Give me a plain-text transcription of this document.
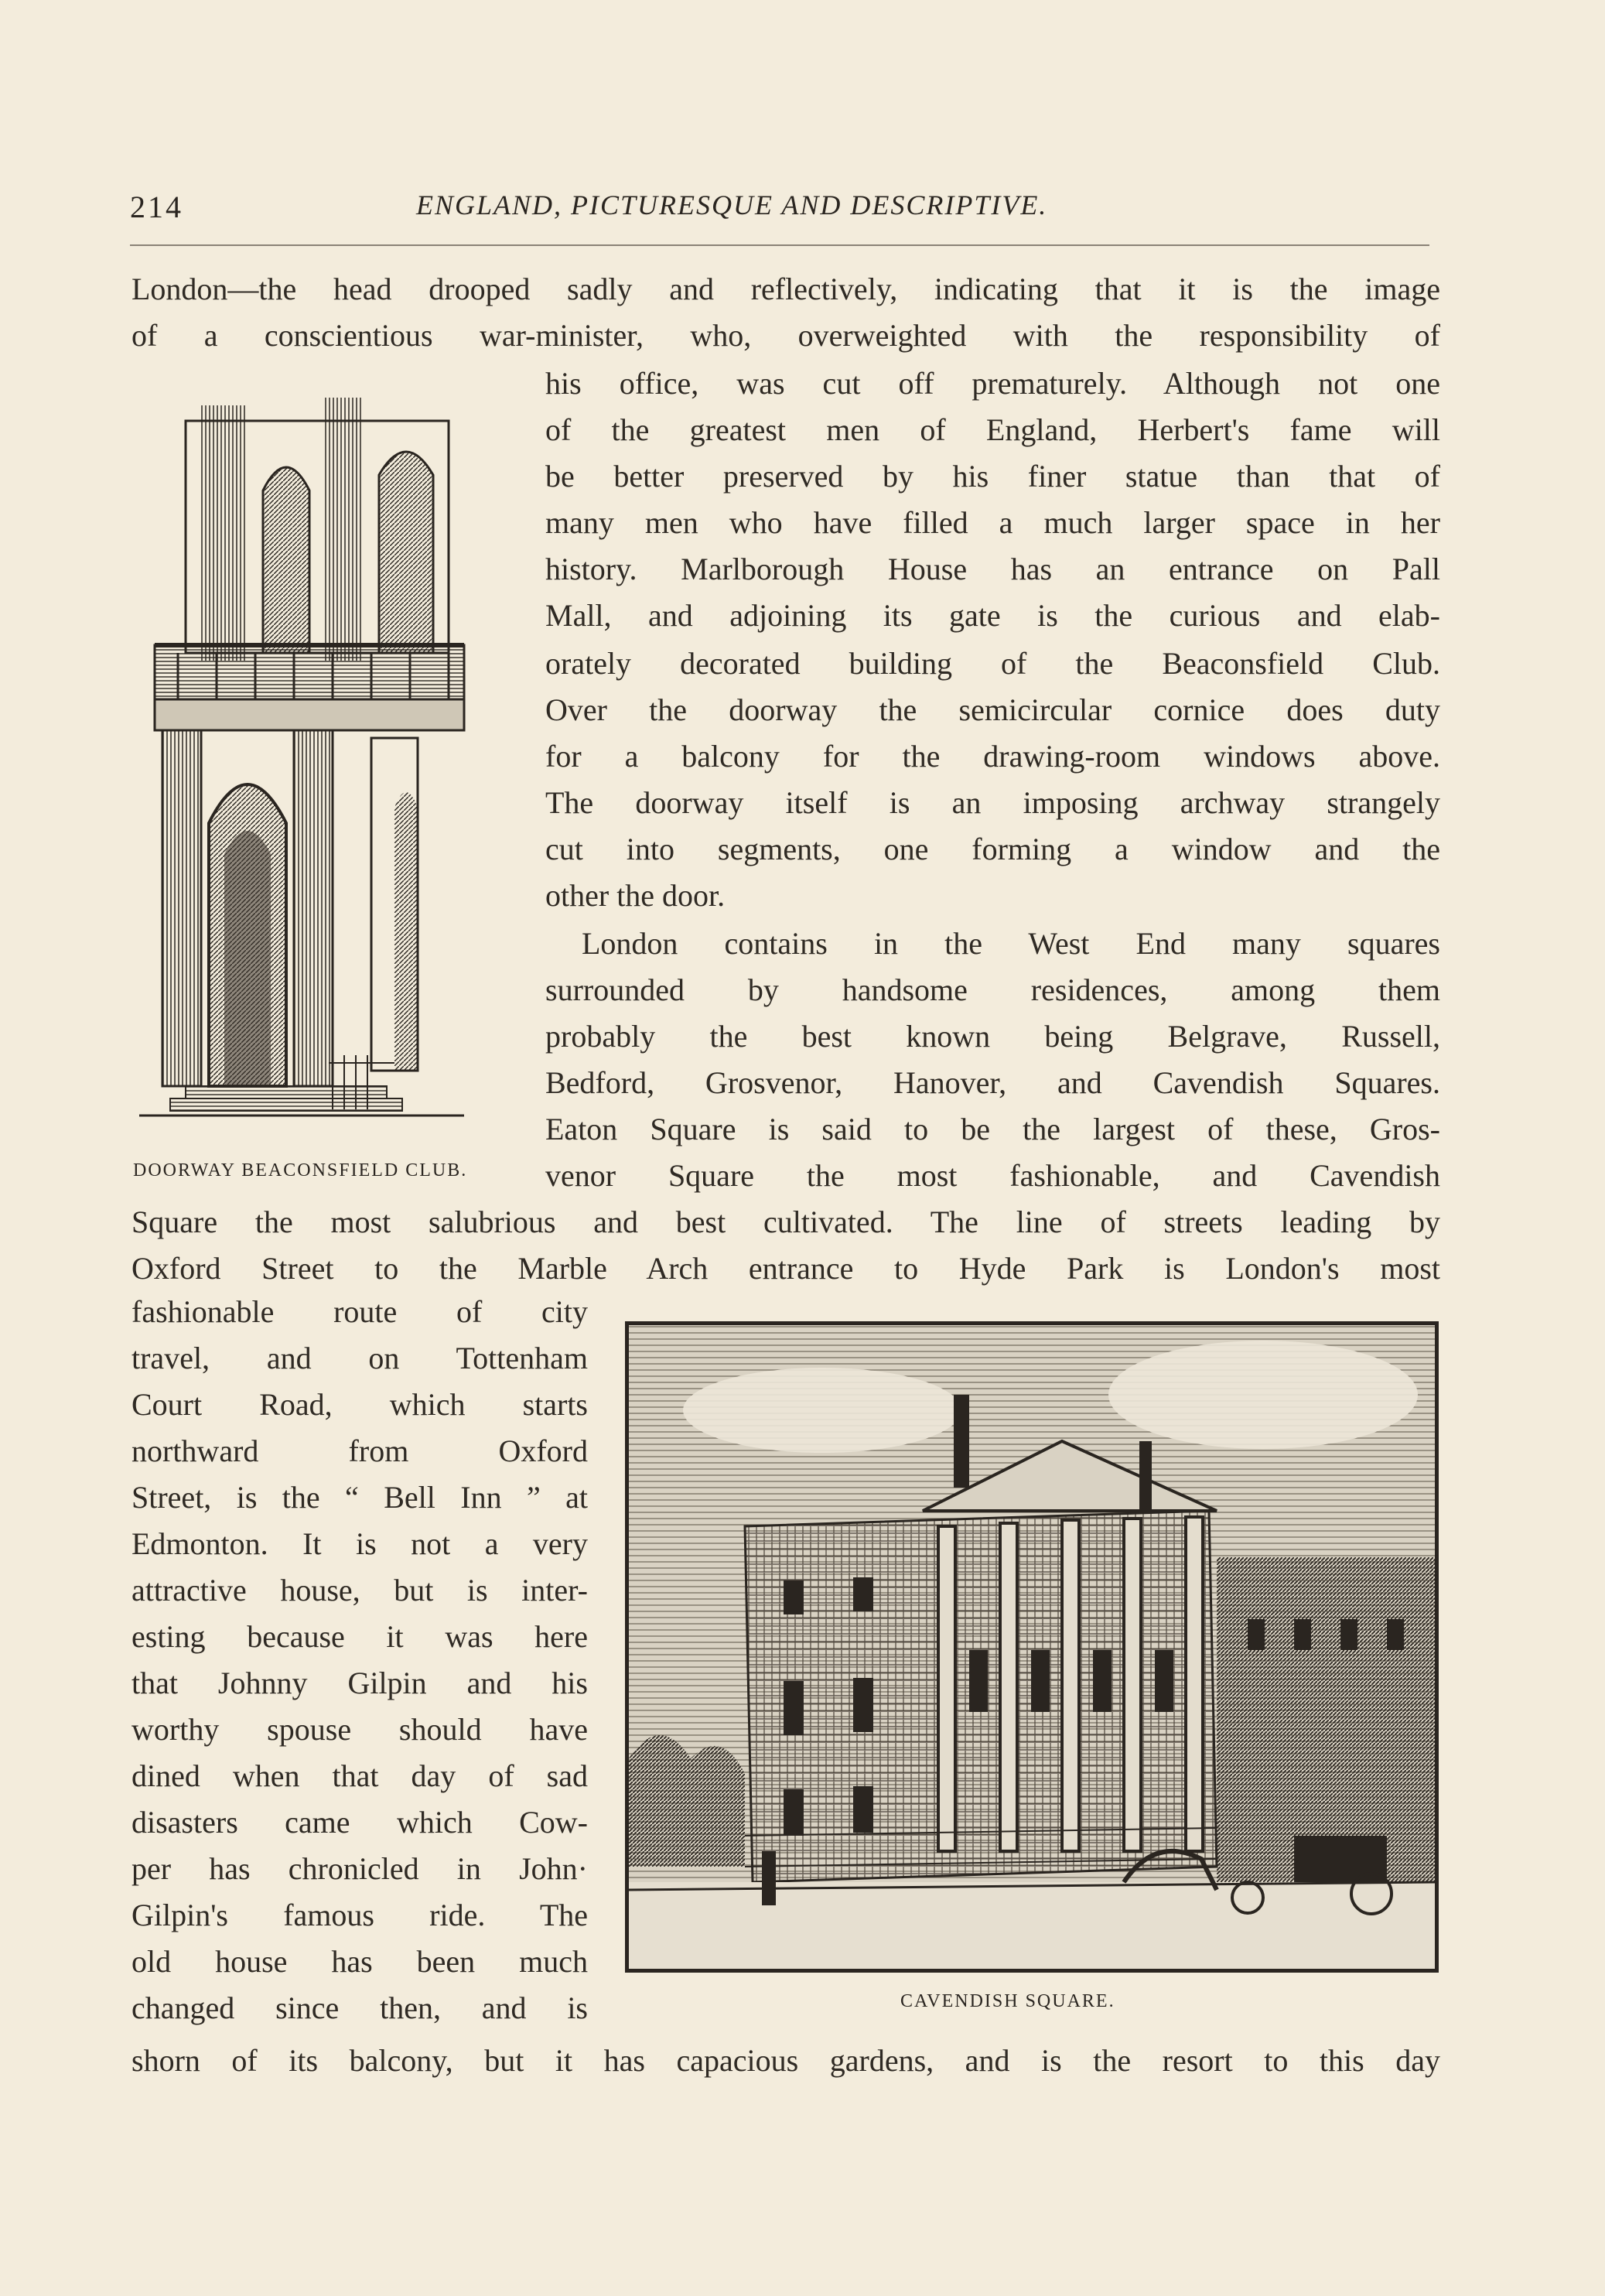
214	ENGLAND, PICTURESQUE AND DESCRIPTIVE.
London—the head drooped sadly and reflectively, indicating that it is the image
of a conscientious war-minister, who, overweighted with the responsibility of
his office, was cut off prematurely. Although not one
of the greatest men of England, Herbert's fame will
be better preserved by his finer statue than that of
many men who have filled a much larger space in her
history. Marlborough House has an entrance on Pall
Mall, and adjoining its gate is the curious and elab-
orately decorated building of the Beaconsfield Club.
Over the doorway the semicircular cornice does duty
for a balcony for the drawing-room windows above.
The doorway itself is an imposing archway strangely
cut into segments, one forming a window and the
other the door.
London contains in the West End many squares
surrounded by handsome residences, among them
probably the best known being Belgrave, Russell,
Bedford, Grosvenor, Hanover, and Cavendish Squares.
Eaton Square is said to be the largest of these, Gros-
venor Square the most fashionable, and Cavendish
DOORWAY BEACONSFIELD CLUB.
Square the most salubrious and best cultivated. The line of streets leading by
Oxford Street to the Marble Arch entrance to Hyde Park is London's most
fashionable route of city
travel, and on Tottenham
Court Road, which starts
northward from Oxford
Street, is the “ Bell Inn ” at
Edmonton. It is not a very
attractive house, but is inter-
esting because it was here
that Johnny Gilpin and his
worthy spouse should have
dined when that day of sad
disasters came which Cow-
per has chronicled in John·
Gilpin's famous ride. The
old house has been much
changed since then, and is	CAVENDISH SQUARE.
shorn of its balcony, but it has capacious gardens, and is the resort to this day
